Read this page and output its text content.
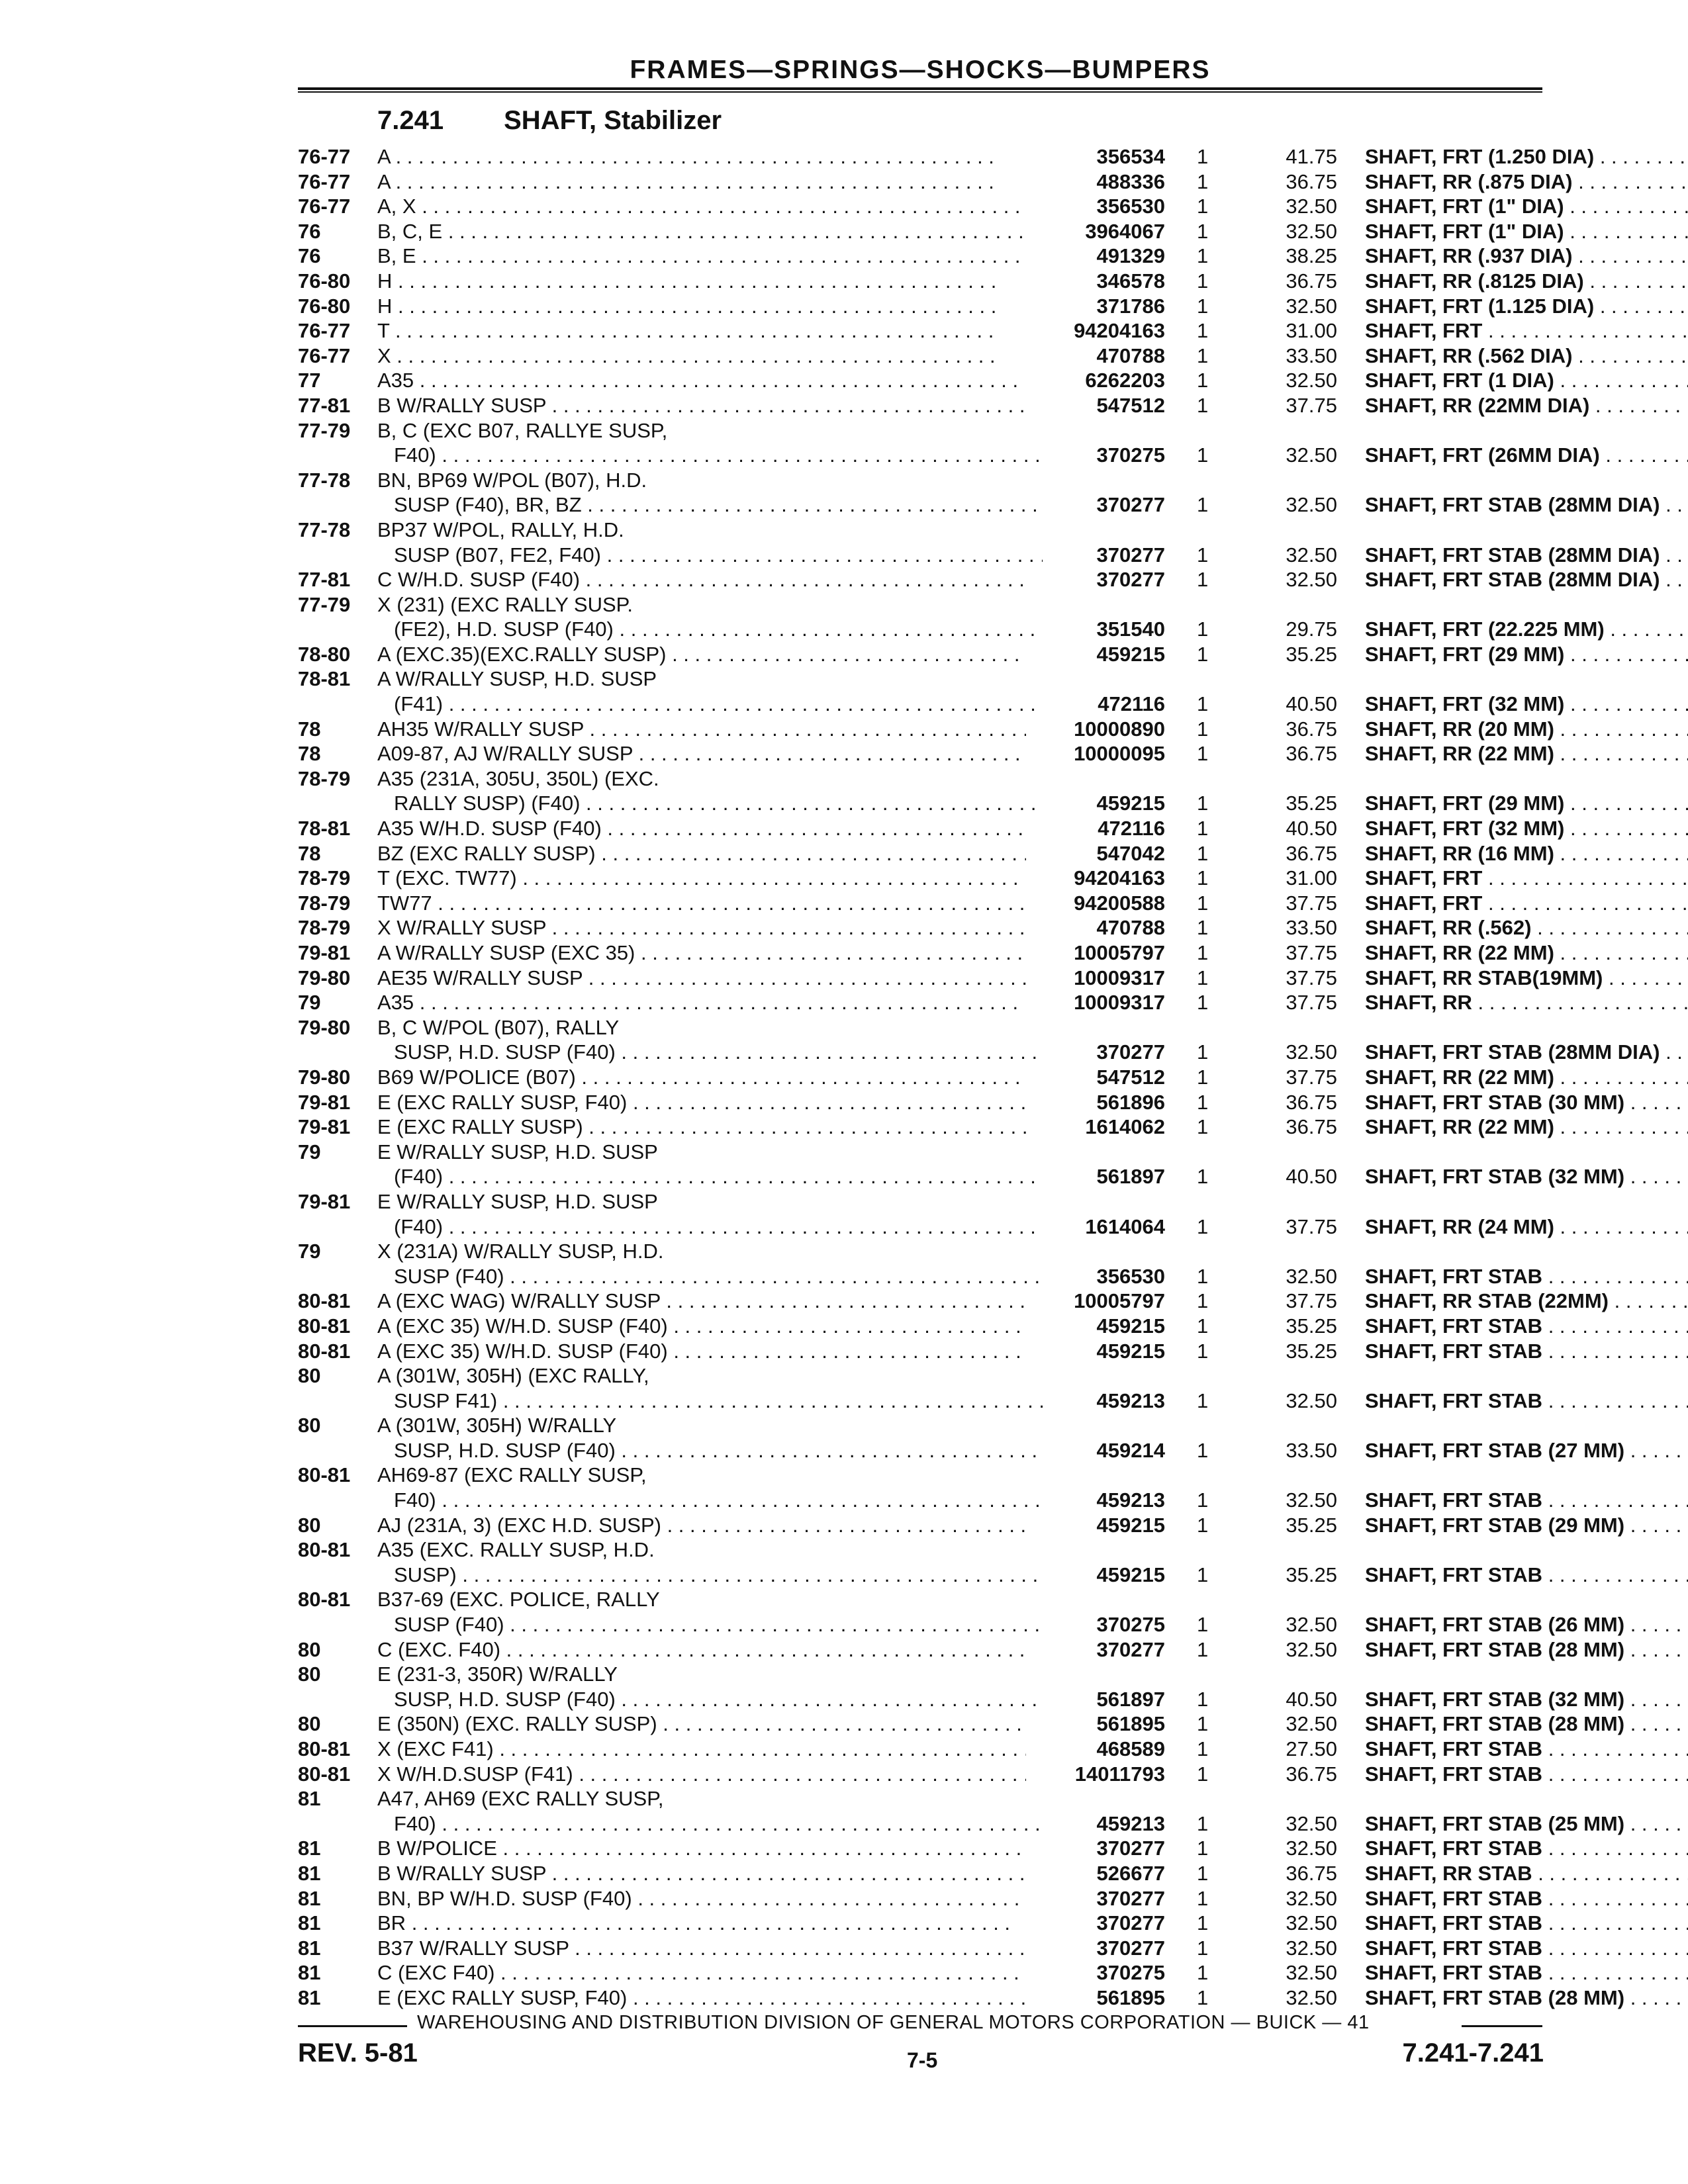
FRAMES—SPRINGS—SHOCKS—BUMPERS
7.241 SHAFT, Stabilizer
76-77 A . . .	356534 1	41.75 SHAFT, FRT (1.250 DIA) . . .
76-77 A . . .	488336 1	36.75 SHAFT, RR (.875 DIA) . . .
76-77 A, X . . .	356530 1	32.50 SHAFT, FRT (1" DIA) . . .
76	B, C, E . . .	3964067 1	32.50 SHAFT, FRT (1" DIA) . . .
76	B, E . . .	491329 1	38.25 SHAFT, RR (.937 DIA) . . .
76-80 H . . .	346578 1	36.75 SHAFT, RR (.8125 DIA) . . .
76-80 H . . .	371786 1	32.50 SHAFT, FRT (1.125 DIA) . . .
76-77 T . . .	94204163 1	31.00 SHAFT, FRT . . .
76-77 X . . .	470788 1	33.50 SHAFT, RR (.562 DIA) . . .
77	A35 . . .	6262203 1	32.50 SHAFT, FRT (1 DIA) . . .
77-81 B W/RALLY SUSP . . .	547512 1	37.75 SHAFT, RR (22MM DIA) . . .
77-79 B, C (EXC B07, RALLYE SUSP,
F40) . . .	370275 1	32.50 SHAFT, FRT (26MM DIA) . . .
77-78 BN, BP69 W/POL (B07), H.D.
SUSP (F40), BR, BZ . . .	370277 1	32.50 SHAFT, FRT STAB (28MM DIA) . . .
77-78 BP37 W/POL, RALLY, H.D.
SUSP (B07, FE2, F40) . . .	370277 1	32.50 SHAFT, FRT STAB (28MM DIA) . . .
77-81 C W/H.D. SUSP (F40) . . .	370277 1	32.50 SHAFT, FRT STAB (28MM DIA) . . .
77-79 X (231) (EXC RALLY SUSP.
(FE2), H.D. SUSP (F40) . . .	351540 1	29.75 SHAFT, FRT (22.225 MM) . . .
78-80 A (EXC.35)(EXC.RALLY SUSP) . . .	459215 1	35.25 SHAFT, FRT (29 MM) . . .
78-81 A W/RALLY SUSP, H.D. SUSP
(F41) . . .	472116 1	40.50 SHAFT, FRT (32 MM) . . .
78	AH35 W/RALLY SUSP . . .	10000890 1	36.75 SHAFT, RR (20 MM) . . .
78	A09-87, AJ W/RALLY SUSP . . .	10000095 1	36.75 SHAFT, RR (22 MM) . . .
78-79 A35 (231A, 305U, 350L) (EXC.
RALLY SUSP) (F40) . . .	459215 1	35.25 SHAFT, FRT (29 MM) . . .
78-81 A35 W/H.D. SUSP (F40) . . .	472116 1	40.50 SHAFT, FRT (32 MM) . . .
78	BZ (EXC RALLY SUSP) . . .	547042 1	36.75 SHAFT, RR (16 MM) . . .
78-79 T (EXC. TW77) . . .	94204163 1	31.00 SHAFT, FRT . . .
78-79 TW77 . . .	94200588 1	37.75 SHAFT, FRT . . .
78-79 X W/RALLY SUSP . . .	470788 1	33.50 SHAFT, RR (.562) . . .
79-81 A W/RALLY SUSP (EXC 35) . . .	10005797 1	37.75 SHAFT, RR (22 MM) . . .
79-80 AE35 W/RALLY SUSP . . .	10009317 1	37.75 SHAFT, RR STAB(19MM) . . .
79	A35 . . .	10009317 1	37.75 SHAFT, RR . . .
79-80 B, C W/POL (B07), RALLY
SUSP, H.D. SUSP (F40) . . .	370277 1	32.50 SHAFT, FRT STAB (28MM DIA) . . .
79-80 B69 W/POLICE (B07) . . .	547512 1	37.75 SHAFT, RR (22 MM) . . .
79-81 E (EXC RALLY SUSP, F40) . . .	561896 1	36.75 SHAFT, FRT STAB (30 MM) . . .
79-81 E (EXC RALLY SUSP) . . .	1614062 1	36.75 SHAFT, RR (22 MM) . . .
79	E W/RALLY SUSP, H.D. SUSP
(F40) . . .	561897 1	40.50 SHAFT, FRT STAB (32 MM) . . .
79-81 E W/RALLY SUSP, H.D. SUSP
(F40) . . .	1614064 1	37.75 SHAFT, RR (24 MM) . . .
79	X (231A) W/RALLY SUSP, H.D.
SUSP (F40) . . .	356530 1	32.50 SHAFT, FRT STAB . . .
80-81 A (EXC WAG) W/RALLY SUSP . . .	10005797 1	37.75 SHAFT, RR STAB (22MM) . . .
80-81 A (EXC 35) W/H.D. SUSP (F40) . . .	459215 1	35.25 SHAFT, FRT STAB . . .
80-81 A (EXC 35) W/H.D. SUSP (F40) . . .	459215 1	35.25 SHAFT, FRT STAB . . .
80	A (301W, 305H) (EXC RALLY,
SUSP F41) . . .	459213 1	32.50 SHAFT, FRT STAB . . .
80	A (301W, 305H) W/RALLY
SUSP, H.D. SUSP (F40) . . .	459214 1	33.50 SHAFT, FRT STAB (27 MM) . . .
80-81 AH69-87 (EXC RALLY SUSP,
F40) . . .	459213 1	32.50 SHAFT, FRT STAB . . .
80	AJ (231A, 3) (EXC H.D. SUSP) . . .	459215 1	35.25 SHAFT, FRT STAB (29 MM) . . .
80-81 A35 (EXC. RALLY SUSP, H.D.
SUSP) . . .	459215 1	35.25 SHAFT, FRT STAB . . .
80-81 B37-69 (EXC. POLICE, RALLY
SUSP (F40) . . .	370275 1	32.50 SHAFT, FRT STAB (26 MM) . . .
80	C (EXC. F40) . . .	370277 1	32.50 SHAFT, FRT STAB (28 MM) . . .
80	E (231-3, 350R) W/RALLY
SUSP, H.D. SUSP (F40) . . .	561897 1	40.50 SHAFT, FRT STAB (32 MM) . . .
80	E (350N) (EXC. RALLY SUSP) . . .	561895 1	32.50 SHAFT, FRT STAB (28 MM) . . .
80-81 X (EXC F41) . . .	468589 1	27.50 SHAFT, FRT STAB . . .
80-81 X W/H.D.SUSP (F41) . . .	14011793 1	36.75 SHAFT, FRT STAB . . .
81	A47, AH69 (EXC RALLY SUSP,
F40) . . .	459213 1	32.50 SHAFT, FRT STAB (25 MM) . . .
81	B W/POLICE . . .	370277 1	32.50 SHAFT, FRT STAB . . .
81	B W/RALLY SUSP . . .	526677 1	36.75 SHAFT, RR STAB . . .
81	BN, BP W/H.D. SUSP (F40) . . .	370277 1	32.50 SHAFT, FRT STAB . . .
81	BR . . .	370277 1	32.50 SHAFT, FRT STAB . . .
81	B37 W/RALLY SUSP . . .	370277 1	32.50 SHAFT, FRT STAB . . .
81	C (EXC F40) . . .	370275 1	32.50 SHAFT, FRT STAB . . .
81	E (EXC RALLY SUSP, F40) . . .	561895 1	32.50 SHAFT, FRT STAB (28 MM) . . .
WAREHOUSING AND DISTRIBUTION DIVISION OF GENERAL MOTORS CORPORATION — BUICK — 41
REV. 5-81	7-5	7.241-7.241
